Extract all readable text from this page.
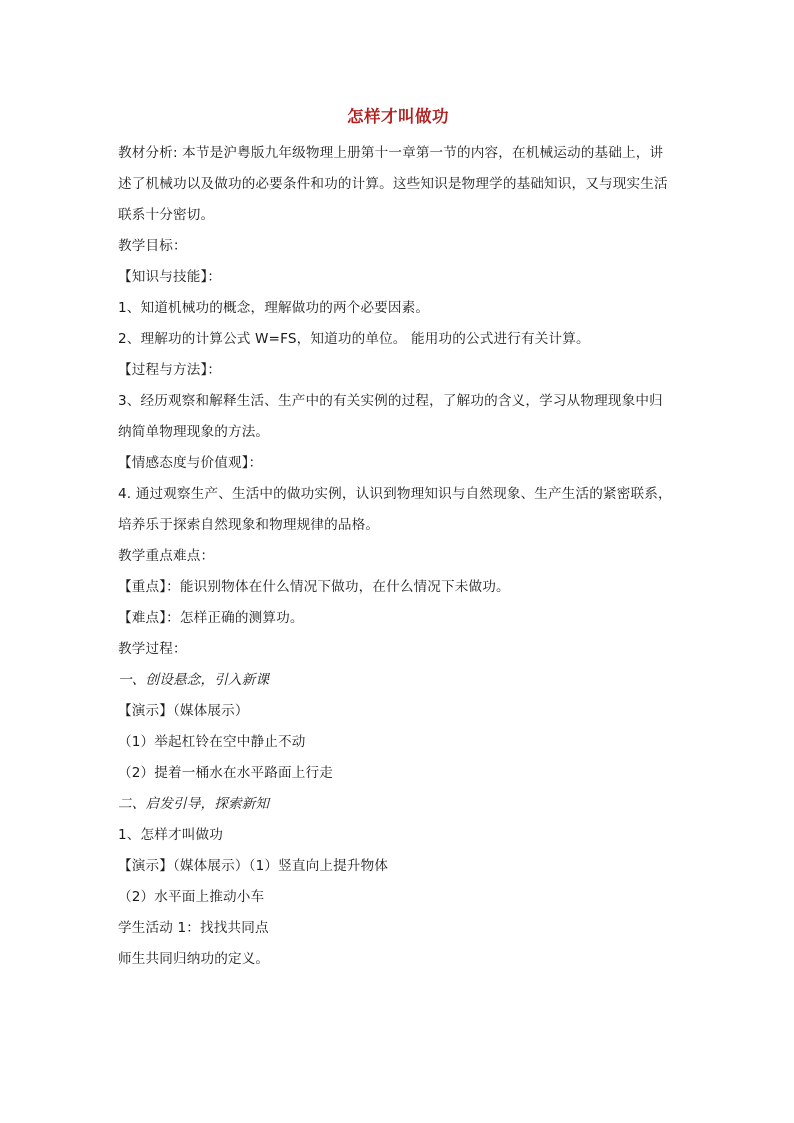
怎样才叫做功
教材分析: 本节是沪粤版九年级物理上册第十一章第一节的内容，在机械运动的基础上，讲
述了机械功以及做功的必要条件和功的计算。这些知识是物理学的基础知识，又与现实生活
联系十分密切。
教学目标：
【知识与技能】：
1、知道机械功的概念，理解做功的两个必要因素。
2、理解功的计算公式 W=FS，知道功的单位。 能用功的公式进行有关计算。
【过程与方法】：
3、经历观察和解释生活、生产中的有关实例的过程，了解功的含义，学习从物理现象中归
纳简单物理现象的方法。
【情感态度与价值观】：
4. 通过观察生产、生活中的做功实例，认识到物理知识与自然现象、生产生活的紧密联系，
培养乐于探索自然现象和物理规律的品格。
教学重点难点：
【重点】：能识别物体在什么情况下做功，在什么情况下未做功。
【难点】：怎样正确的测算功。
教学过程：
一、创设悬念，引入新课
【演示】（媒体展示）
（1）举起杠铃在空中静止不动
（2）提着一桶水在水平路面上行走
二、启发引导，探索新知
1、怎样才叫做功
【演示】（媒体展示）（1）竖直向上提升物体
（2）水平面上推动小车
学生活动 1：找找共同点
师生共同归纳功的定义。
